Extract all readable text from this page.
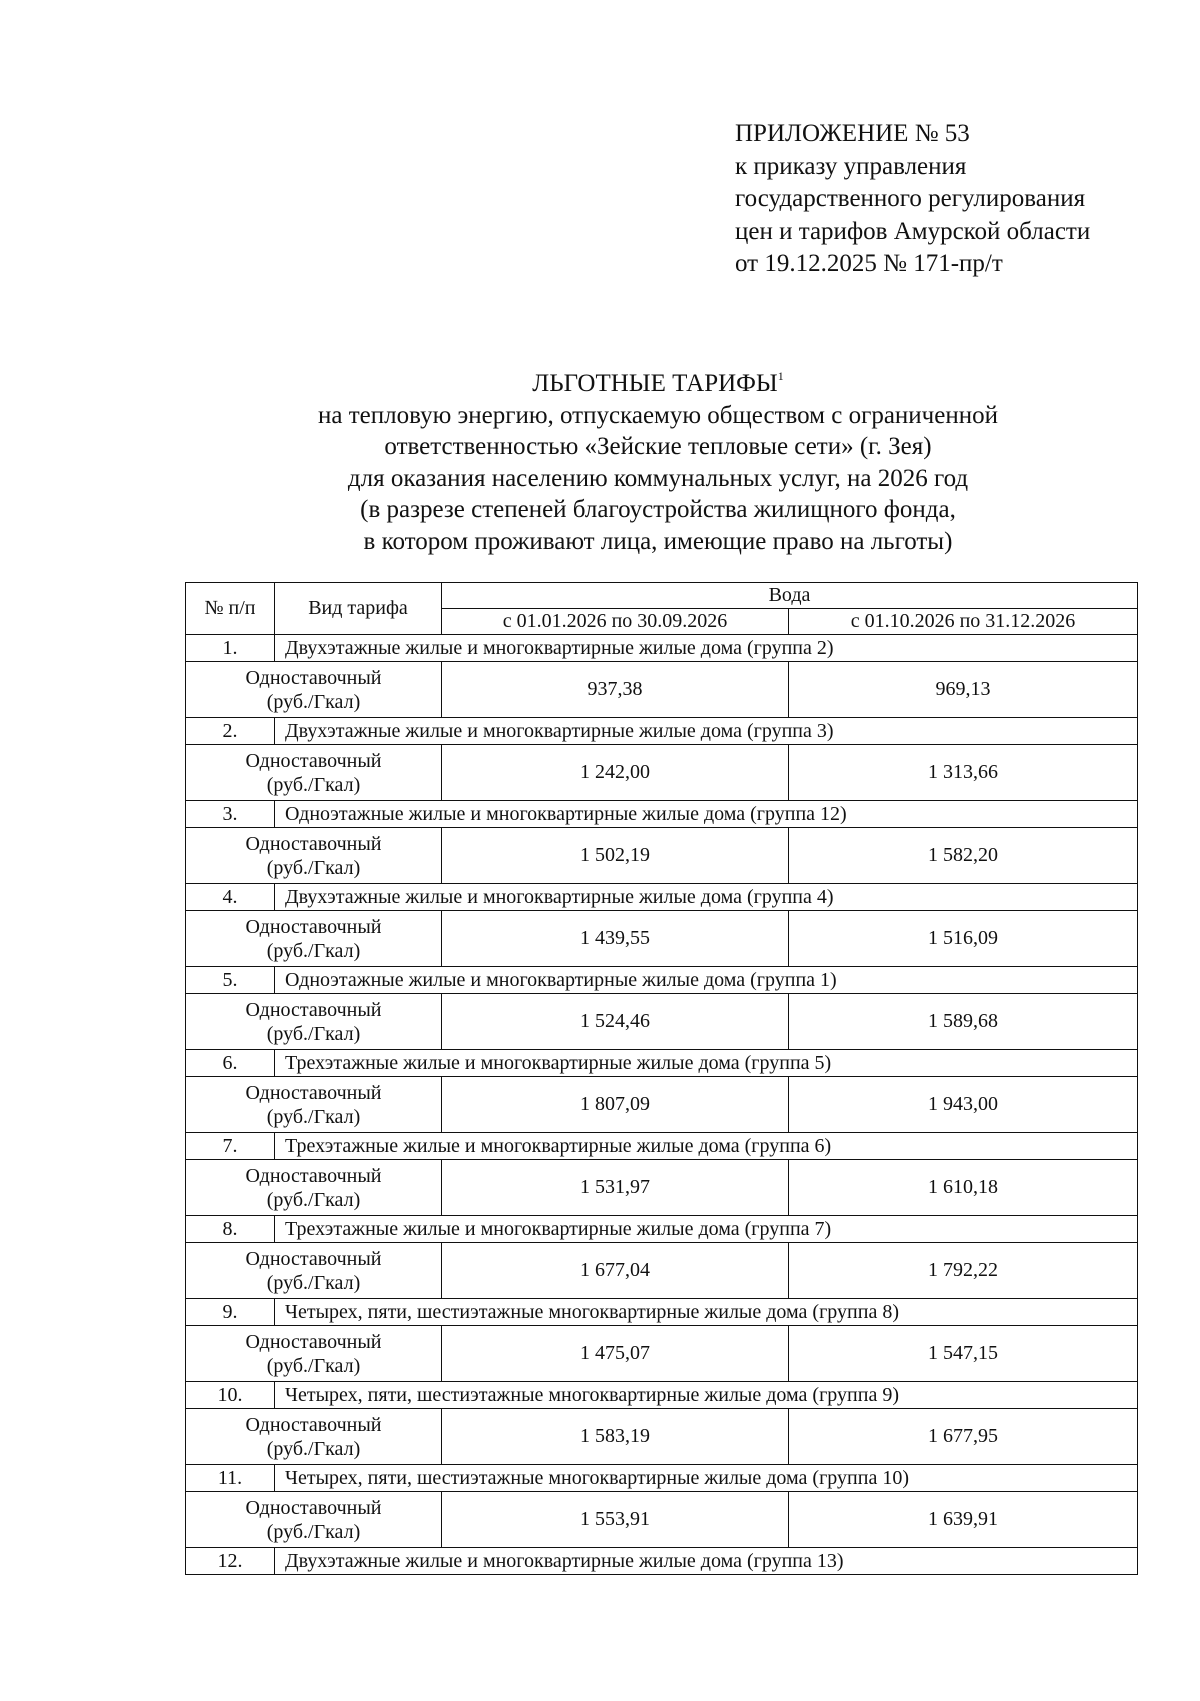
ПРИЛОЖЕНИЕ № 53
к приказу управления
государственного регулирования
цен и тарифов Амурской области
от 19.12.2025 № 171-пр/т
ЛЬГОТНЫЕ ТАРИФЫ$^1$
на тепловую энергию, отпускаемую обществом с ограниченной
ответственностью «Зейские тепловые сети» (г. Зея)
для оказания населению коммунальных услуг, на 2026 год
(в разрезе степеней благоустройства жилищного фонда,
в котором проживают лица, имеющие право на льготы)
№ п/п	Вид тарифа	Вода	
		с 01.01.2026 по 30.09.2026	с 01.10.2026 по 31.12.2026
1.	Двухэтажные жилые и многоквартирные жилые дома (группа 2)		

Одноставочный
(руб./Гкал)		937,38	969,13
2.	Двухэтажные жилые и многоквартирные жилые дома (группа 3)		

Одноставочный
(руб./Гкал)		1 242,00	1 313,66
3.	Одноэтажные жилые и многоквартирные жилые дома (группа 12)		

Одноставочный
(руб./Гкал)		1 502,19	1 582,20
4.	Двухэтажные жилые и многоквартирные жилые дома (группа 4)		

Одноставочный
(руб./Гкал)		1 439,55	1 516,09
5.	Одноэтажные жилые и многоквартирные жилые дома (группа 1)		

Одноставочный
(руб./Гкал)		1 524,46	1 589,68
6.	Трехэтажные жилые и многоквартирные жилые дома (группа 5)		

Одноставочный
(руб./Гкал)		1 807,09	1 943,00
7.	Трехэтажные жилые и многоквартирные жилые дома (группа 6)		

Одноставочный
(руб./Гкал)		1 531,97	1 610,18
8.	Трехэтажные жилые и многоквартирные жилые дома (группа 7)		

Одноставочный
(руб./Гкал)		1 677,04	1 792,22
9.	Четырех, пяти, шестиэтажные многоквартирные жилые дома (группа 8)		

Одноставочный
(руб./Гкал)		1 475,07	1 547,15
10.	Четырех, пяти, шестиэтажные многоквартирные жилые дома (группа 9)		

Одноставочный
(руб./Гкал)		1 583,19	1 677,95
11.	Четырех, пяти, шестиэтажные многоквартирные жилые дома (группа 10)		

Одноставочный
(руб./Гкал)		1 553,91	1 639,91
12.	Двухэтажные жилые и многоквартирные жилые дома (группа 13)		
